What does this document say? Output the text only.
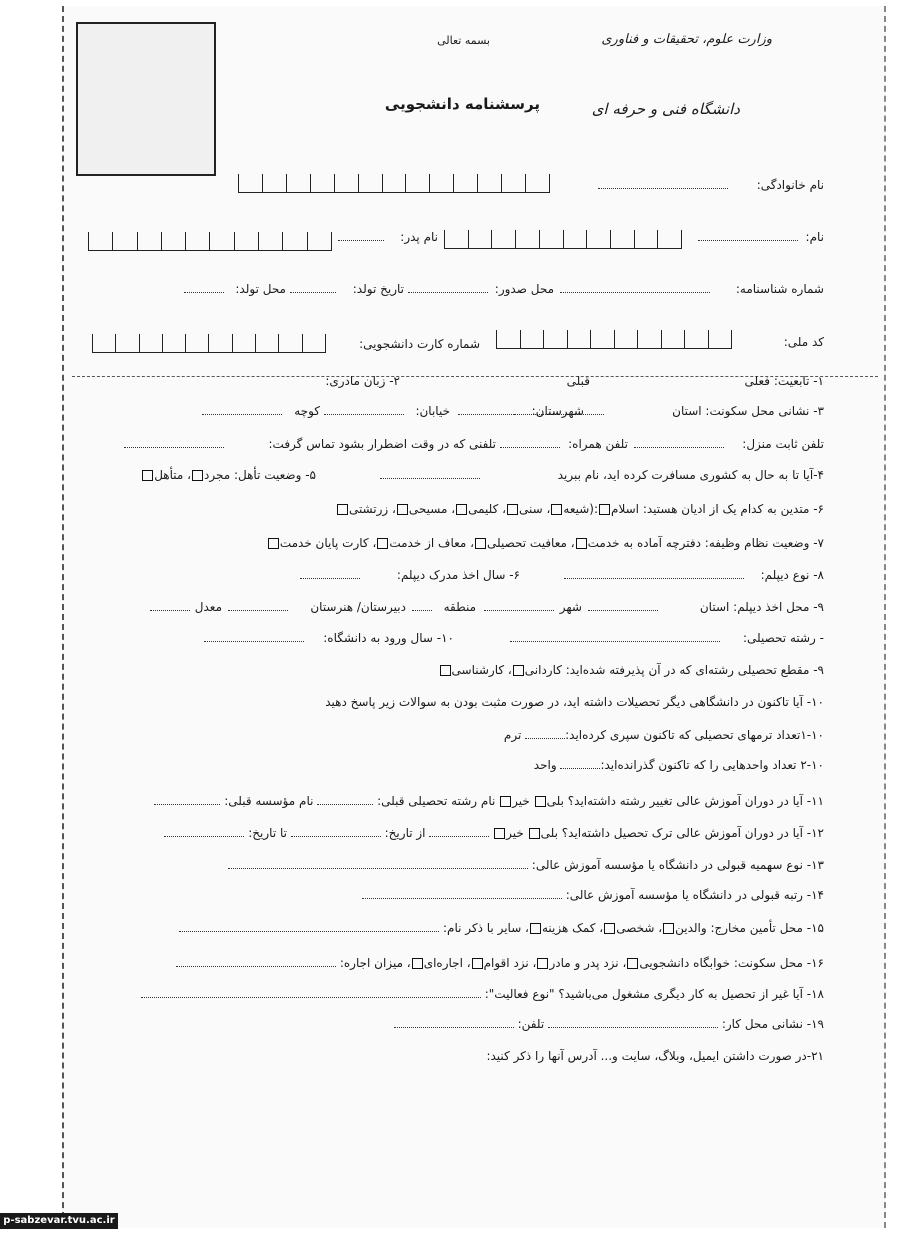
وزارت علوم، تحقیقات و فناوری
بسمه تعالی
دانشگاه فنی و حرفه ای
پرسشنامه دانشجویی
نام خانوادگی:
نام:
نام پدر:
شماره شناسنامه:
محل صدور:
تاریخ تولد:
محل تولد:
کد ملی:
شماره کارت دانشجویی:
۱- تابعیت: فعلی
قبلی
۲- زبان مادری:
۳- نشانی محل سکونت: استان
شهرستان:
خیابان:
کوچه
تلفن ثابت منزل:
تلفن همراه:
تلفنی که در وقت اضطرار بشود تماس گرفت:
۴-آیا تا به حال به کشوری مسافرت کرده اید، نام ببرید
۵- وضعیت تأهل: مجرد، متأهل
۶- متدین به کدام یک از ادیان هستید: اسلام:(شیعه، سنی، کلیمی، مسیحی، زرتشتی
۷- وضعیت نظام وظیفه: دفترچه آماده به خدمت، معافیت تحصیلی، معاف از خدمت، کارت پایان خدمت
۸- نوع دیپلم:
۶- سال اخذ مدرک دیپلم:
۹- محل اخذ دیپلم: استان
شهر
منطقه
دبیرستان/ هنرستان
معدل
- رشته تحصیلی:
۱۰- سال ورود به دانشگاه:
۹- مقطع تحصیلی رشته‌ای که در آن پذیرفته شده‌اید: کاردانی، کارشناسی
۱۰- آیا تاکنون در دانشگاهی دیگر تحصیلات داشته اید، در صورت مثبت بودن به سوالات زیر پاسخ دهید
۱-۱۰تعداد ترمهای تحصیلی که تاکنون سپری کرده‌اید: ترم
۲-۱۰ تعداد واحدهایی را که تاکنون گذرانده‌اید: واحد
۱۱- آیا در دوران آموزش عالی تغییر رشته داشته‌اید؟ بلی خیر نام رشته تحصیلی قبلی:  نام مؤسسه قبلی:
۱۲- آیا در دوران آموزش عالی ترک تحصیل داشته‌اید؟ بلی خیر  از تاریخ:  تا تاریخ:
۱۳- نوع سهمیه قبولی در دانشگاه یا مؤسسه آموزش عالی:
۱۴- رتبه قبولی در دانشگاه یا مؤسسه آموزش عالی:
۱۵- محل تأمین مخارج: والدین، شخصی، کمک هزینه، سایر با ذکر نام:
۱۶- محل سکونت: خوابگاه دانشجویی، نزد پدر و مادر، نزد اقوام، اجاره‌ای، میزان اجاره:
۱۸- آیا غیر از تحصیل به کار دیگری مشغول می‌باشید؟ "نوع فعالیت":
۱۹- نشانی محل کار:  تلفن:
۲۱-در صورت داشتن ایمیل، وبلاگ، سایت و... آدرس آنها را ذکر کنید:
p-sabzevar.tvu.ac.ir
